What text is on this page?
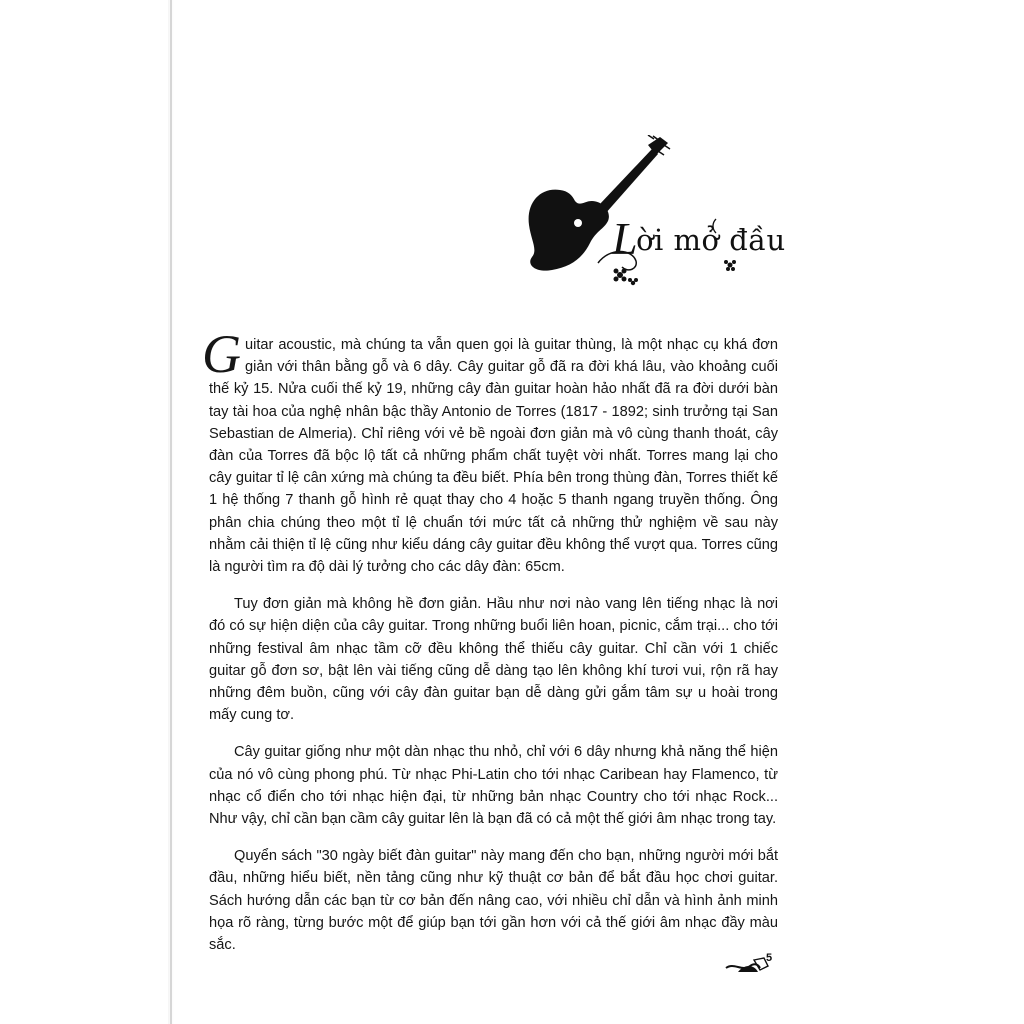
Lời mở đầu

Guitar acoustic, mà chúng ta vẫn quen gọi là guitar thùng, là một nhạc cụ khá đơn giản với thân bằng gỗ và 6 dây. Cây guitar gỗ đã ra đời khá lâu, vào khoảng cuối thế kỷ 15. Nửa cuối thế kỷ 19, những cây đàn guitar hoàn hảo nhất đã ra đời dưới bàn tay tài hoa của nghệ nhân bậc thầy Antonio de Torres (1817 - 1892; sinh trưởng tại San Sebastian de Almeria). Chỉ riêng với vẻ bề ngoài đơn giản mà vô cùng thanh thoát, cây đàn của Torres đã bộc lộ tất cả những phẩm chất tuyệt vời nhất. Torres mang lại cho cây guitar tỉ lệ cân xứng mà chúng ta đều biết. Phía bên trong thùng đàn, Torres thiết kế 1 hệ thống 7 thanh gỗ hình rẻ quạt thay cho 4 hoặc 5 thanh ngang truyền thống. Ông phân chia chúng theo một tỉ lệ chuẩn tới mức tất cả những thử nghiệm về sau này nhằm cải thiện tỉ lệ cũng như kiểu dáng cây guitar đều không thể vượt qua. Torres cũng là người tìm ra độ dài lý tưởng cho các dây đàn: 65cm.

Tuy đơn giản mà không hề đơn giản. Hầu như nơi nào vang lên tiếng nhạc là nơi đó có sự hiện diện của cây guitar. Trong những buổi liên hoan, picnic, cắm trại... cho tới những festival âm nhạc tầm cỡ đều không thể thiếu cây guitar. Chỉ cần với 1 chiếc guitar gỗ đơn sơ, bật lên vài tiếng cũng dễ dàng tạo lên không khí tươi vui, rộn rã hay những đêm buồn, cũng với cây đàn guitar bạn dễ dàng gửi gắm tâm sự u hoài trong mấy cung tơ.

Cây guitar giống như một dàn nhạc thu nhỏ, chỉ với 6 dây nhưng khả năng thể hiện của nó vô cùng phong phú. Từ nhạc Phi-Latin cho tới nhạc Caribean hay Flamenco, từ nhạc cổ điển cho tới nhạc hiện đại, từ những bản nhạc Country cho tới nhạc Rock... Như vậy, chỉ cần bạn cầm cây guitar lên là bạn đã có cả một thế giới âm nhạc trong tay.

Quyển sách "30 ngày biết đàn guitar" này mang đến cho bạn, những người mới bắt đầu, những hiểu biết, nền tảng cũng như kỹ thuật cơ bản để bắt đầu học chơi guitar. Sách hướng dẫn các bạn từ cơ bản đến nâng cao, với nhiều chỉ dẫn và hình ảnh minh họa rõ ràng, từng bước một để giúp bạn tới gần hơn với cả thế giới âm nhạc đầy màu sắc.

5
